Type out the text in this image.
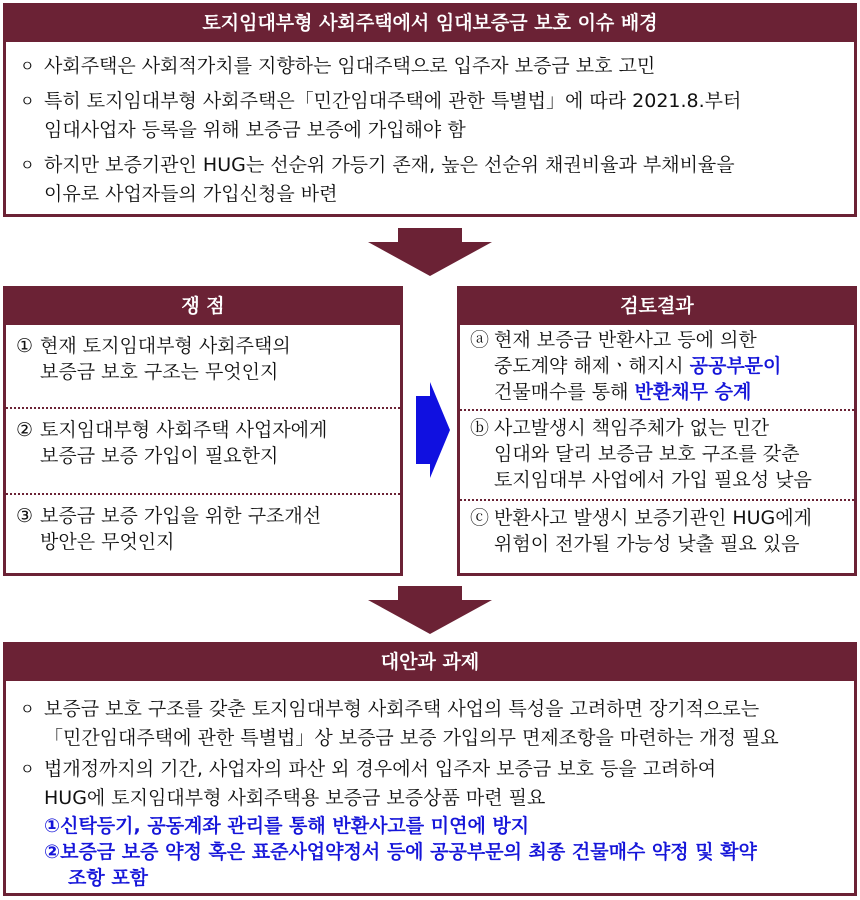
토지임대부형 사회주택에서 임대보증금 보호 이슈 배경
ㅇ 사회주택은 사회적가치를 지향하는 임대주택으로 입주자 보증금 보호 고민
ㅇ 특히 토지임대부형 사회주택은「민간임대주택에 관한 특별법」에 따라 2021.8.부터
임대사업자 등록을 위해 보증금 보증에 가입해야 함
ㅇ 하지만 보증기관인 HUG는 선순위 가등기 존재, 높은 선순위 채권비율과 부채비율을
이유로 사업자들의 가입신청을 바련
쟁 점
① 현재 토지임대부형 사회주택의
보증금 보호 구조는 무엇인지
② 토지임대부형 사회주택 사업자에게
보증금 보증 가입이 필요한지
③ 보증금 보증 가입을 위한 구조개선
방안은 무엇인지
검토결과
ⓐ 현재 보증금 반환사고 등에 의한
중도계약 해제ㆍ해지시 공공부문이
건물매수를 통해 반환채무 승계
ⓑ 사고발생시 책임주체가 없는 민간
임대와 달리 보증금 보호 구조를 갖춘
토지임대부 사업에서 가입 필요성 낮음
ⓒ 반환사고 발생시 보증기관인 HUG에게
위험이 전가될 가능성 낮출 필요 있음
대안과 과제
ㅇ 보증금 보호 구조를 갖춘 토지임대부형 사회주택 사업의 특성을 고려하면 장기적으로는
「민간임대주택에 관한 특별법」상 보증금 보증 가입의무 면제조항을 마련하는 개정 필요
ㅇ 법개정까지의 기간, 사업자의 파산 외 경우에서 입주자 보증금 보호 등을 고려하여
HUG에 토지임대부형 사회주택용 보증금 보증상품 마련 필요
①신탁등기, 공동계좌 관리를 통해 반환사고를 미연에 방지
②보증금 보증 약정 혹은 표준사업약정서 등에 공공부문의 최종 건물매수 약정 및 확약
조항 포함
